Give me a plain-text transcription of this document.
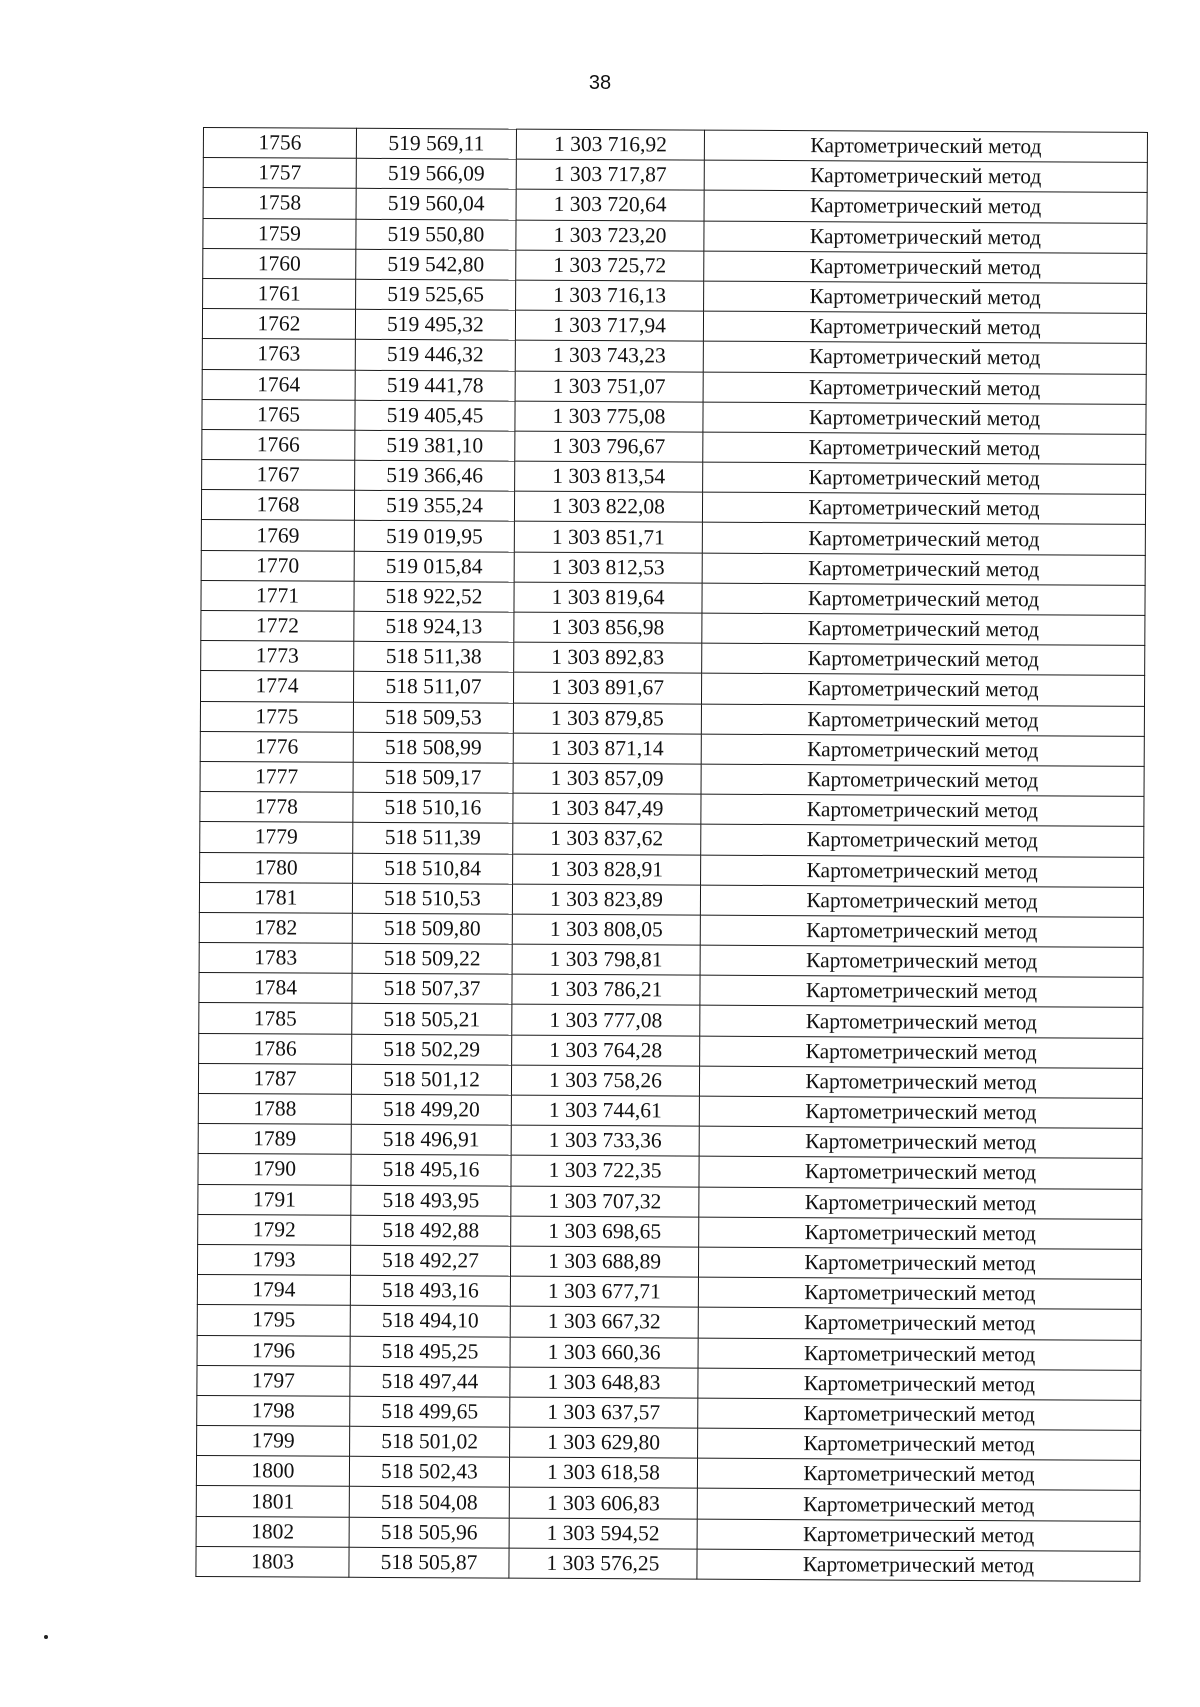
38
1756	519 569,11	1 303 716,92	Картометрический метод
1757	519 566,09	1 303 717,87	Картометрический метод
1758	519 560,04	1 303 720,64	Картометрический метод
1759	519 550,80	1 303 723,20	Картометрический метод
1760	519 542,80	1 303 725,72	Картометрический метод
1761	519 525,65	1 303 716,13	Картометрический метод
1762	519 495,32	1 303 717,94	Картометрический метод
1763	519 446,32	1 303 743,23	Картометрический метод
1764	519 441,78	1 303 751,07	Картометрический метод
1765	519 405,45	1 303 775,08	Картометрический метод
1766	519 381,10	1 303 796,67	Картометрический метод
1767	519 366,46	1 303 813,54	Картометрический метод
1768	519 355,24	1 303 822,08	Картометрический метод
1769	519 019,95	1 303 851,71	Картометрический метод
1770	519 015,84	1 303 812,53	Картометрический метод
1771	518 922,52	1 303 819,64	Картометрический метод
1772	518 924,13	1 303 856,98	Картометрический метод
1773	518 511,38	1 303 892,83	Картометрический метод
1774	518 511,07	1 303 891,67	Картометрический метод
1775	518 509,53	1 303 879,85	Картометрический метод
1776	518 508,99	1 303 871,14	Картометрический метод
1777	518 509,17	1 303 857,09	Картометрический метод
1778	518 510,16	1 303 847,49	Картометрический метод
1779	518 511,39	1 303 837,62	Картометрический метод
1780	518 510,84	1 303 828,91	Картометрический метод
1781	518 510,53	1 303 823,89	Картометрический метод
1782	518 509,80	1 303 808,05	Картометрический метод
1783	518 509,22	1 303 798,81	Картометрический метод
1784	518 507,37	1 303 786,21	Картометрический метод
1785	518 505,21	1 303 777,08	Картометрический метод
1786	518 502,29	1 303 764,28	Картометрический метод
1787	518 501,12	1 303 758,26	Картометрический метод
1788	518 499,20	1 303 744,61	Картометрический метод
1789	518 496,91	1 303 733,36	Картометрический метод
1790	518 495,16	1 303 722,35	Картометрический метод
1791	518 493,95	1 303 707,32	Картометрический метод
1792	518 492,88	1 303 698,65	Картометрический метод
1793	518 492,27	1 303 688,89	Картометрический метод
1794	518 493,16	1 303 677,71	Картометрический метод
1795	518 494,10	1 303 667,32	Картометрический метод
1796	518 495,25	1 303 660,36	Картометрический метод
1797	518 497,44	1 303 648,83	Картометрический метод
1798	518 499,65	1 303 637,57	Картометрический метод
1799	518 501,02	1 303 629,80	Картометрический метод
1800	518 502,43	1 303 618,58	Картометрический метод
1801	518 504,08	1 303 606,83	Картометрический метод
1802	518 505,96	1 303 594,52	Картометрический метод
1803	518 505,87	1 303 576,25	Картометрический метод
